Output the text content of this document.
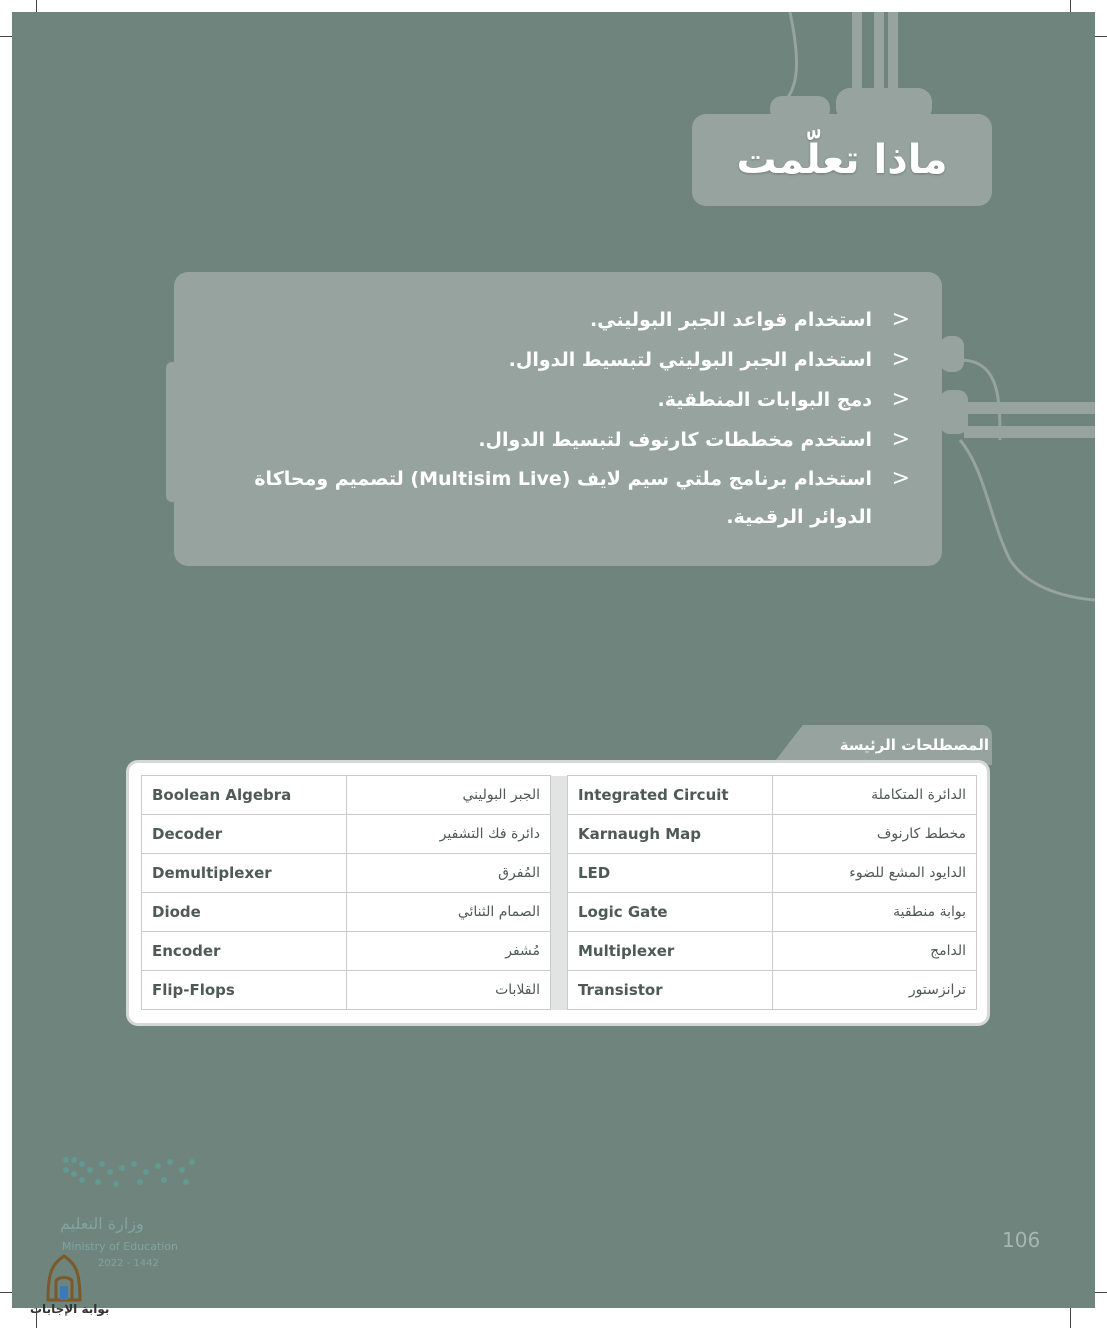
ماذا تعلّمت
<
استخدام قواعد الجبر البوليني.
<
استخدام الجبر البوليني لتبسيط الدوال.
<
دمج البوابات المنطقية.
<
استخدم مخططات كارنوف لتبسيط الدوال.
<
استخدام برنامج ملتي سيم لايف (Multisim Live) لتصميم ومحاكاة الدوائر الرقمية.
المصطلحات الرئيسة
Boolean Algebra	الجبر البوليني		Integrated Circuit	الدائرة المتكاملة
Decoder	دائرة فك التشفير		Karnaugh Map	مخطط كارنوف
Demultiplexer	المُفرق		LED	الدايود المشع للضوء
Diode	الصمام الثنائي		Logic Gate	بوابة منطقية
Encoder	مُشفر		Multiplexer	الدامج
Flip-Flops	القلابات		Transistor	ترانزستور
106
وزارة التعليم
Ministry of Education
2022 - 1442
بوابة الإجابات
